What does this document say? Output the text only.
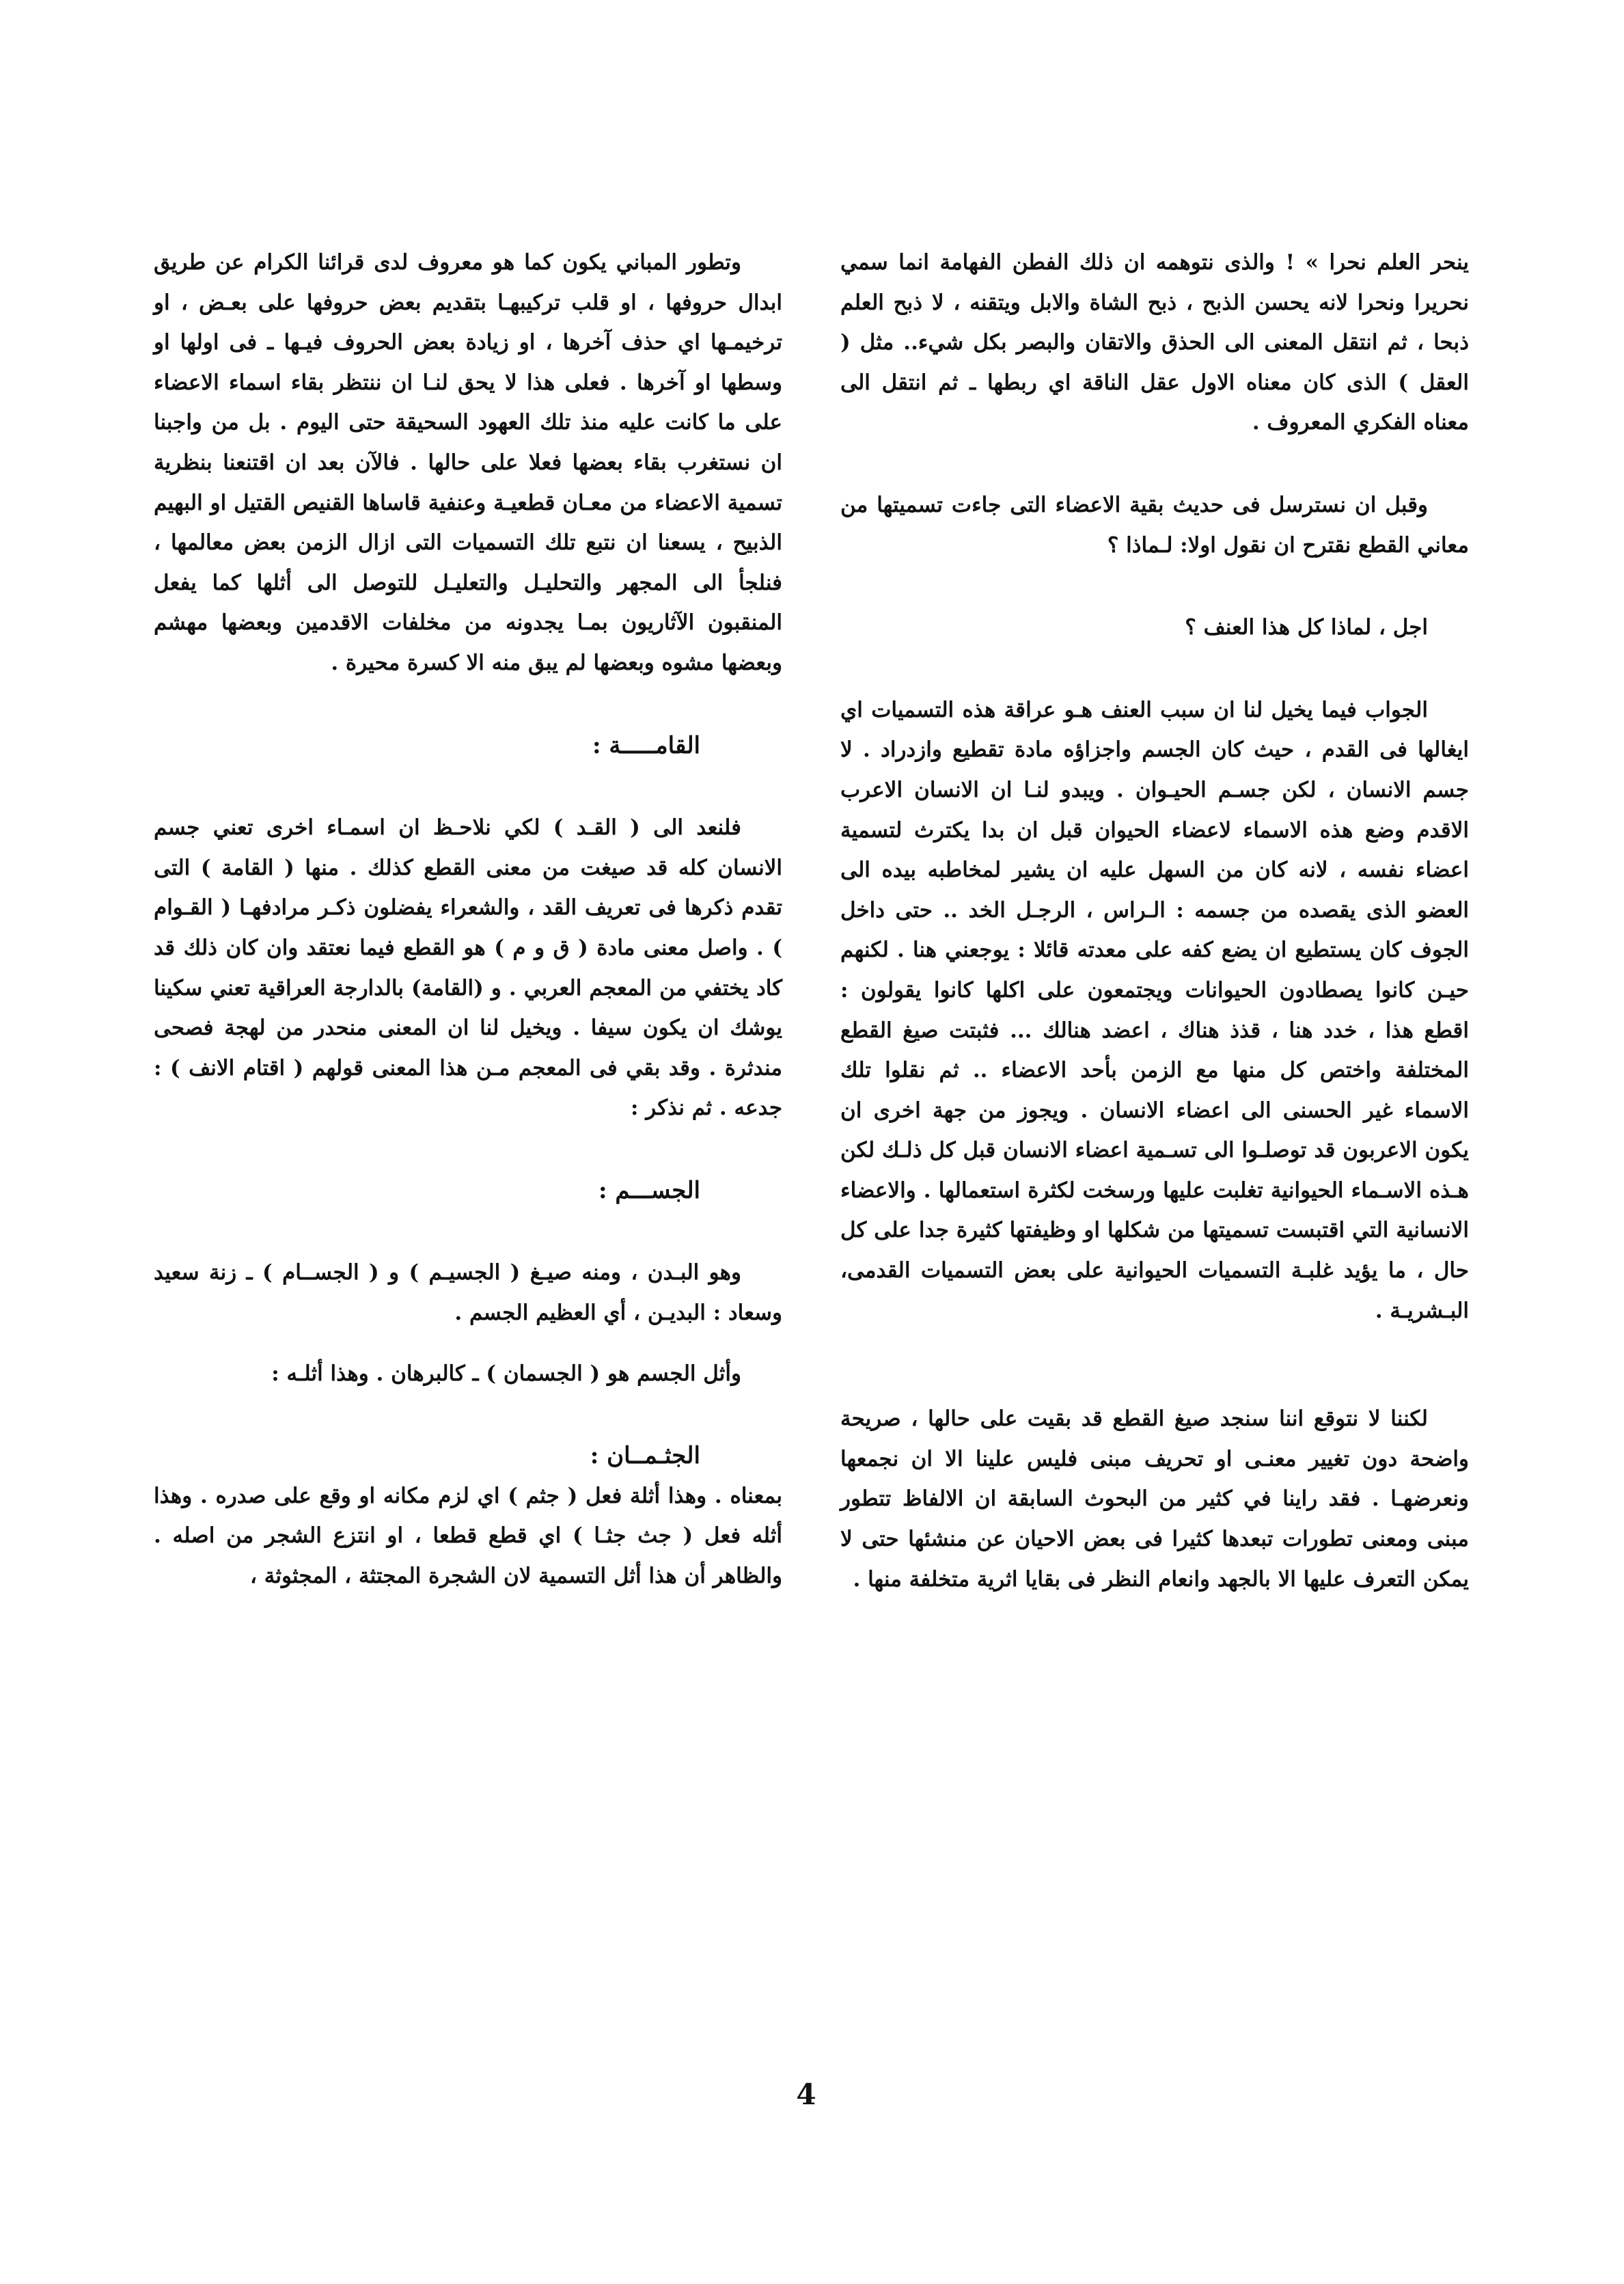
ينحر العلم نحرا » ! والذى نتوهمه ان ذلك الفطن الفهامة انما سمي نحريرا ونحرا لانه يحسن الذبح ، ذبح الشاة والابل ويتقنه ، لا ذبح العلم ذبحا ، ثم انتقل المعنى الى الحذق والاتقان والبصر بكل شيء.. مثل ( العقل ) الذى كان معناه الاول عقل الناقة اي ربطها ـ ثم انتقل الى معناه الفكري المعروف .

وقبل ان نسترسل فى حديث بقية الاعضاء التى جاءت تسميتها من معاني القطع نقترح ان نقول اولا: لـماذا ؟

اجل ، لماذا كل هذا العنف ؟

الجواب فيما يخيل لنا ان سبب العنف هـو عراقة هذه التسميات اي ايغالها فى القدم ، حيث كان الجسم واجزاؤه مادة تقطيع وازدراد . لا جسم الانسان ، لكن جسـم الحيـوان . ويبدو لنـا ان الانسان الاعرب الاقدم وضع هذه الاسماء لاعضاء الحيوان قبل ان بدا يكترث لتسمية اعضاء نفسه ، لانه كان من السهل عليه ان يشير لمخاطبه بيده الى العضو الذى يقصده من جسمه : الـراس ، الرجـل الخد .. حتى داخل الجوف كان يستطيع ان يضع كفه على معدته قائلا : يوجعني هنا . لكنهم حيـن كانوا يصطادون الحيوانات ويجتمعون على اكلها كانوا يقولون : اقطع هذا ، خدد هنا ، قذذ هناك ، اعضد هنالك ... فثبتت صيغ القطع المختلفة واختص كل منها مع الزمن بأحد الاعضاء .. ثم نقلوا تلك الاسماء غير الحسنى الى اعضاء الانسان . ويجوز من جهة اخرى ان يكون الاعربون قد توصلـوا الى تسـمية اعضاء الانسان قبل كل ذلـك لكن هـذه الاسـماء الحيوانية تغلبت عليها ورسخت لكثرة استعمالها . والاعضاء الانسانية التي اقتبست تسميتها من شكلها او وظيفتها كثيرة جدا على كل حال ، ما يؤيد غلبـة التسميات الحيوانية على بعض التسميات القدمى، البـشريـة .

لكننا لا نتوقع اننا سنجد صيغ القطع قد بقيت على حالها ، صريحة واضحة دون تغيير معنـى او تحريف مبنى فليس علينا الا ان نجمعها ونعرضهـا . فقد راينا في كثير من البحوث السابقة ان الالفاظ تتطور مبنى ومعنى تطورات تبعدها كثيرا فى بعض الاحيان عن منشئها حتى لا يمكن التعرف عليها الا بالجهد وانعام النظر فى بقايا اثرية متخلفة منها .

وتطور المباني يكون كما هو معروف لدى قرائنا الكرام عن طريق ابدال حروفها ، او قلب تركيبهـا بتقديم بعض حروفها على بعـض ، او ترخيمـها اي حذف آخرها ، او زيادة بعض الحروف فيـها ـ فى اولها او وسطها او آخرها . فعلى هذا لا يحق لنـا ان ننتظر بقاء اسماء الاعضاء على ما كانت عليه منذ تلك العهود السحيقة حتى اليوم . بل من واجبنا ان نستغرب بقاء بعضها فعلا على حالها . فالآن بعد ان اقتنعنا بنظرية تسمية الاعضاء من معـان قطعيـة وعنفية قاساها القنيص القتيل او البهيم الذبيح ، يسعنا ان نتبع تلك التسميات التى ازال الزمن بعض معالمها ، فنلجأ الى المجهر والتحليـل والتعليـل للتوصل الى أثلها كما يفعل المنقبون الآثاريون بمـا يجدونه من مخلفات الاقدمين وبعضها مهشم وبعضها مشوه وبعضها لم يبق منه الا كسرة محيرة .

القامـــــة :

فلنعد الى ( القـد ) لكي نلاحـظ ان اسمـاء اخرى تعني جسم الانسان كله قد صيغت من معنى القطع كذلك . منها ( القامة ) التى تقدم ذكرها فى تعريف القد ، والشعراء يفضلون ذكـر مرادفهـا ( القـوام ) . واصل معنى مادة ( ق و م ) هو القطع فيما نعتقد وان كان ذلك قد كاد يختفي من المعجم العربي . و (القامة) بالدارجة العراقية تعني سكينا يوشك ان يكون سيفا . ويخيل لنا ان المعنى منحدر من لهجة فصحى مندثرة . وقد بقي فى المعجم مـن هذا المعنى قولهم ( اقتام الانف ) : جدعه . ثم نذكر :

الجســـم :

وهو البـدن ، ومنه صيـغ ( الجسيـم ) و ( الجســام ) ـ زنة سعيد وسعاد : البديـن ، أي العظيم الجسم .

وأثل الجسم هو ( الجسمان ) ـ كالبرهان . وهذا أثلـه :

الجثـمــان :

بمعناه . وهذا أثلة فعل ( جثم ) اي لزم مكانه او وقع على صدره . وهذا أثله فعل ( جث جثـا ) اي قطع قطعا ، او انتزع الشجر من اصله . والظاهر أن هذا أثل التسمية لان الشجرة المجتثة ، المجثوثة ،

4
